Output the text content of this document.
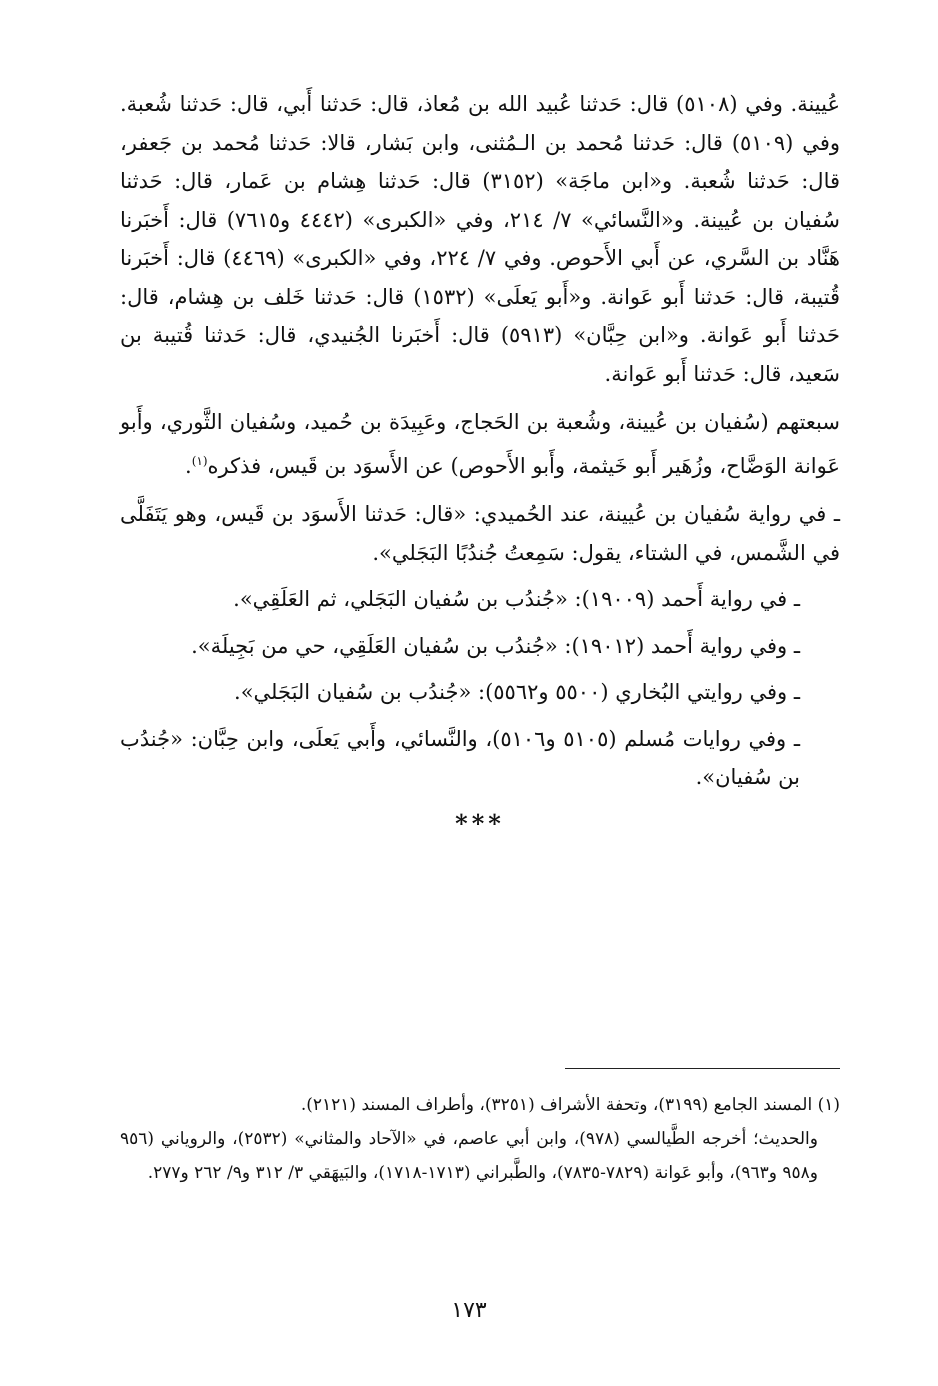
عُيينة. وفي (٥١٠٨) قال: حَدثنا عُبيد الله بن مُعاذ، قال: حَدثنا أَبي، قال: حَدثنا شُعبة. وفي (٥١٠٩) قال: حَدثنا مُحمد بن الـمُثنى، وابن بَشار، قالا: حَدثنا مُحمد بن جَعفر، قال: حَدثنا شُعبة. و«ابن ماجَة» (٣١٥٢) قال: حَدثنا هِشام بن عَمار، قال: حَدثنا سُفيان بن عُيينة. و«النَّسائي» ٧/ ٢١٤، وفي «الكبرى» (٤٤٤٢ و٧٦١٥) قال: أَخبَرنا هَنَّاد بن السَّري، عن أَبي الأَحوص. وفي ٧/ ٢٢٤، وفي «الكبرى» (٤٤٦٩) قال: أَخبَرنا قُتيبة، قال: حَدثنا أَبو عَوانة. و«أَبو يَعلَى» (١٥٣٢) قال: حَدثنا خَلف بن هِشام، قال: حَدثنا أَبو عَوانة. و«ابن حِبَّان» (٥٩١٣) قال: أَخبَرنا الجُنيدي، قال: حَدثنا قُتيبة بن سَعيد، قال: حَدثنا أَبو عَوانة.

سبعتهم (سُفيان بن عُيينة، وشُعبة بن الحَجاج، وعَبِيدَة بن حُميد، وسُفيان الثَّوري، وأَبو عَوانة الوَضَّاح، وزُهَير أَبو خَيثمة، وأَبو الأَحوص) عن الأَسوَد بن قَيس، فذكره$^{(١)}$.

ـ في رواية سُفيان بن عُيينة، عند الحُميدي: «قال: حَدثنا الأَسوَد بن قَيس، وهو يَتَفَلَّى في الشَّمس، في الشتاء، يقول: سَمِعتُ جُندُبًا البَجَلي».

ـ في رواية أَحمد (١٩٠٠٩): «جُندُب بن سُفيان البَجَلي، ثم العَلَقِي».

ـ وفي رواية أَحمد (١٩٠١٢): «جُندُب بن سُفيان العَلَقِي، حي من بَجِيلَة».

ـ وفي روايتي البُخاري (٥٥٠٠ و٥٥٦٢): «جُندُب بن سُفيان البَجَلي».

ـ وفي روايات مُسلم (٥١٠٥ و٥١٠٦)، والنَّسائي، وأَبي يَعلَى، وابن حِبَّان: «جُندُب بن سُفيان».

***

(١) المسند الجامع (٣١٩٩)، وتحفة الأشراف (٣٢٥١)، وأطراف المسند (٢١٢١).

والحديث؛ أخرجه الطَّيالسي (٩٧٨)، وابن أبي عاصم، في «الآحاد والمثاني» (٢٥٣٢)، والروياني (٩٥٦ و٩٥٨ و٩٦٣)، وأبو عَوانة (٧٨٢٩-٧٨٣٥)، والطَّبراني (١٧١٣-١٧١٨)، والبَيهَقي ٣/ ٣١٢ و٩/ ٢٦٢ و٢٧٧.

١٧٣
